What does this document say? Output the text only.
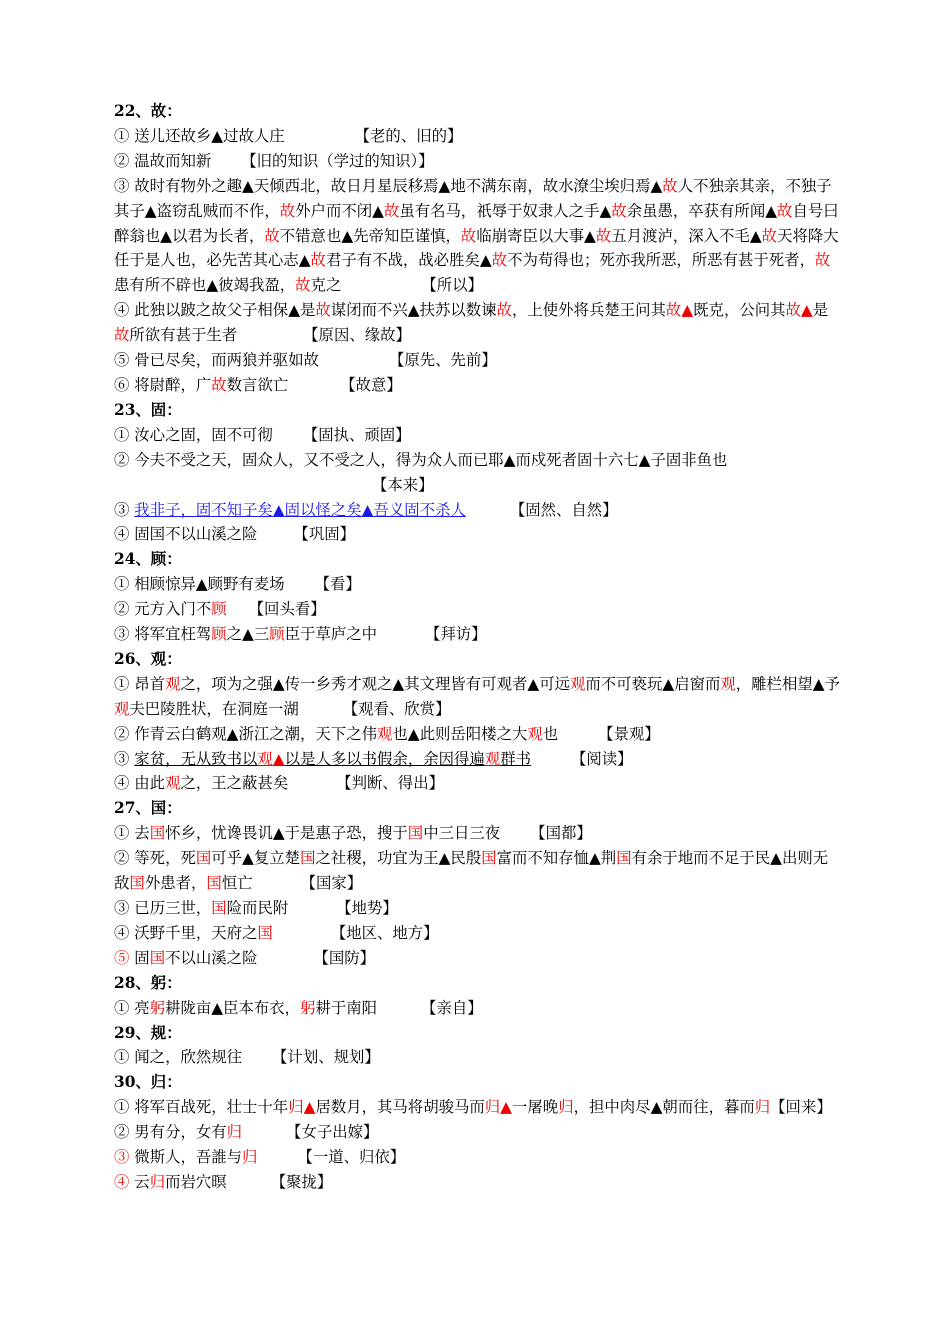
22、故：
① 送儿还故乡▲过故人庄	【老的、旧的】
② 温故而知新 【旧的知识（学过的知识）】
③ 故时有物外之趣▲天倾西北，故日月星辰移焉▲地不满东南，故水潦尘埃归焉▲故人不独亲其亲，不独子其子▲盗窃乱贼而不作，故外户而不闭▲故虽有名马，祇辱于奴隶人之手▲故余虽愚，卒获有所闻▲故自号曰醉翁也▲以君为长者，故不错意也▲先帝知臣谨慎，故临崩寄臣以大事▲故五月渡泸，深入不毛▲故天将降大任于是人也，必先苦其心志▲故君子有不战，战必胜矣▲故不为苟得也；死亦我所恶，所恶有甚于死者，故患有所不辟也▲彼竭我盈，故克之	【所以】
④ 此独以跛之故父子相保▲是故谋闭而不兴▲扶苏以数谏故，上使外将兵楚王问其故▲既克，公问其故▲是故所欲有甚于生者	【原因、缘故】
⑤ 骨已尽矣，而两狼并驱如故	【原先、先前】
⑥ 将尉醉，广故数言欲亡	【故意】
23、固：
① 汝心之固，固不可彻 【固执、顽固】
② 今夫不受之天，固众人，又不受之人，得为众人而已耶▲而戍死者固十六七▲子固非鱼也
【本来】
③ 我非子，固不知子矣▲固以怪之矣▲吾义固不杀人	【固然、自然】
④ 固国不以山溪之险 【巩固】
24、顾：
① 相顾惊异▲顾野有麦场 【看】
② 元方入门不顾 【回头看】
③ 将军宜枉驾顾之▲三顾臣于草庐之中	【拜访】
26、观：
① 昂首观之，项为之强▲传一乡秀才观之▲其文理皆有可观者▲可远观而不可亵玩▲启窗而观，雕栏相望▲予观夫巴陵胜状，在洞庭一湖	【观看、欣赏】
② 作青云白鹤观▲浙江之潮，天下之伟观也▲此则岳阳楼之大观也	【景观】
③ 家贫，无从致书以观▲以是人多以书假余，余因得遍观群书	【阅读】
④ 由此观之，王之蔽甚矣	【判断、得出】
27、国：
① 去国怀乡，忧谗畏讥▲于是惠子恐，搜于国中三日三夜 【国都】
② 等死，死国可乎▲复立楚国之社稷，功宜为王▲民殷国富而不知存恤▲荆国有余于地而不足于民▲出则无敌国外患者，国恒亡	【国家】
③ 已历三世，国险而民附	【地势】
④ 沃野千里，天府之国	【地区、地方】
⑤ 固国不以山溪之险	【国防】
28、躬：
① 亮躬耕陇亩▲臣本布衣，躬耕于南阳	【亲自】
29、规：
① 闻之，欣然规往 【计划、规划】
30、归：
① 将军百战死，壮士十年归▲居数月，其马将胡骏马而归▲一屠晚归，担中肉尽▲朝而往，暮而归【回来】
② 男有分，女有归	【女子出嫁】
③ 微斯人，吾誰与归	【一道、归依】
④ 云归而岩穴暝	【聚拢】
